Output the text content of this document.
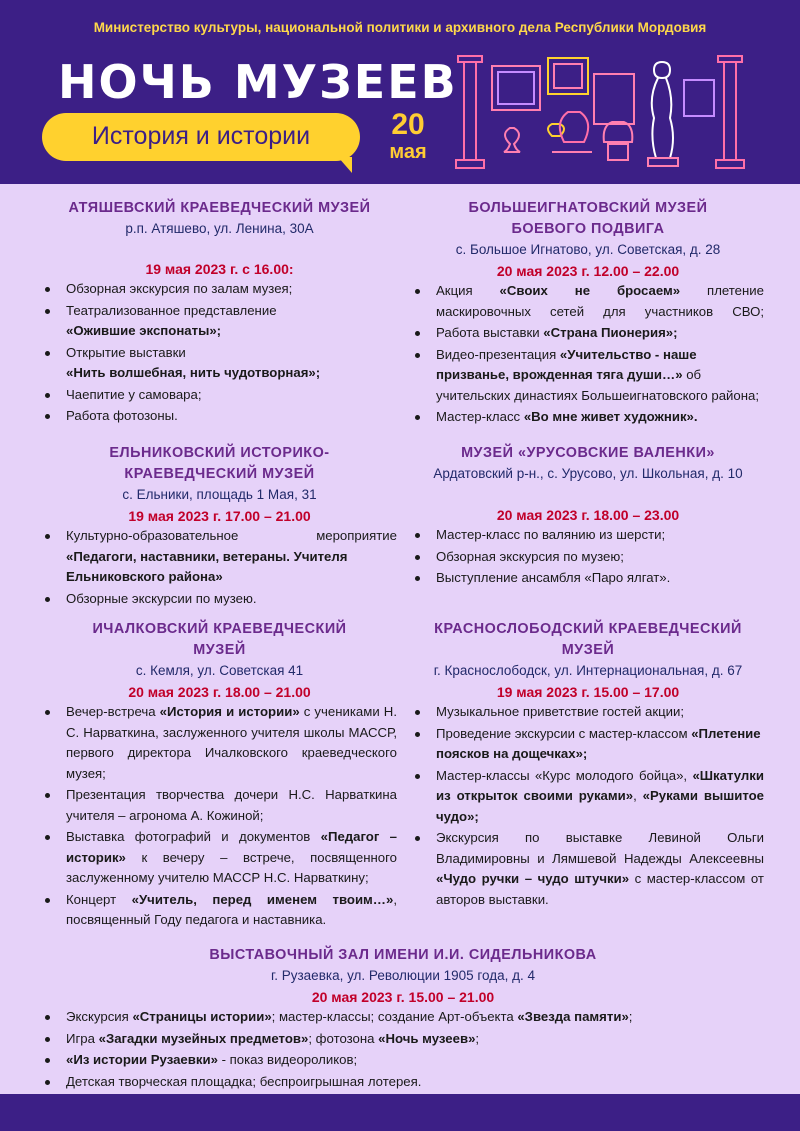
Министерство культуры, национальной политики и архивного дела Республики Мордовия
НОЧЬ МУЗЕЕВ
История и истории	20
мая

АТЯШЕВСКИЙ КРАЕВЕДЧЕСКИЙ МУЗЕЙ

р.п. Атяшево, ул. Ленина, 30А

19 мая 2023 г. с 16.00:

Обзорная экскурсия по залам музея;
Театрализованное представление
«Ожившие экспонаты»;
Открытие выставки
«Нить волшебная, нить чудотворная»;
Чаепитие у самовара;
Работа фотозоны.

БОЛЬШЕИГНАТОВСКИЙ МУЗЕЙ

БОЕВОГО ПОДВИГА

с. Большое Игнатово, ул. Советская, д. 28

20 мая 2023 г. 12.00 – 22.00

Акция «Своих не бросаем» плетение маскировочных сетей для участников СВО;
Работа выставки «Страна Пионерия»;
Видео-презентация «Учительство - наше призванье, врожденная тяга души…» об учительских династиях Большеигнатовского района;
Мастер-класс «Во мне живет художник».

ЕЛЬНИКОВСКИЙ ИСТОРИКО-

КРАЕВЕДЧЕСКИЙ МУЗЕЙ

с. Ельники, площадь 1 Мая, 31

19 мая 2023 г. 17.00 – 21.00

Культурно-образовательное мероприятие
«Педагоги, наставники, ветераны. Учителя Ельниковского района»
Обзорные экскурсии по музею.

МУЗЕЙ «УРУСОВСКИЕ ВАЛЕНКИ»

Ардатовский р-н., с. Урусово, ул. Школьная, д. 10

20 мая 2023 г. 18.00 – 23.00

Мастер-класс по валянию из шерсти;
Обзорная экскурсия по музею;
Выступление ансамбля «Паро ялгат».

ИЧАЛКОВСКИЙ КРАЕВЕДЧЕСКИЙ

МУЗЕЙ

с. Кемля, ул. Советская 41

20 мая 2023 г. 18.00 – 21.00

Вечер-встреча «История и истории» с учениками Н. С. Нарваткина, заслуженного учителя школы МАССР, первого директора Ичалковского краеведческого музея;
Презентация творчества дочери Н.С. Нарваткина учителя – агронома А. Кожиной;
Выставка фотографий и документов «Педагог – историк» к вечеру – встрече, посвященного заслуженному учителю МАССР Н.С. Нарваткину;
Концерт «Учитель, перед именем твоим…», посвященный Году педагога и наставника.

КРАСНОСЛОБОДСКИЙ КРАЕВЕДЧЕСКИЙ

МУЗЕЙ

г. Краснослободск, ул. Интернациональная, д. 67

19 мая 2023 г. 15.00 – 17.00

Музыкальное приветствие гостей акции;
Проведение экскурсии с мастер-классом «Плетение поясков на дощечках»;
Мастер-классы «Курс молодого бойца», «Шкатулки из открыток своими руками», «Руками вышитое чудо»;
Экскурсия по выставке Левиной Ольги Владимировны и Лямшевой Надежды Алексеевны «Чудо ручки – чудо штучки» с мастер-классом от авторов выставки.

ВЫСТАВОЧНЫЙ ЗАЛ ИМЕНИ И.И. СИДЕЛЬНИКОВА

г. Рузаевка, ул. Революции 1905 года, д. 4

20 мая 2023 г. 15.00 – 21.00

Экскурсия «Страницы истории»; мастер-классы; создание Арт-объекта «Звезда памяти»;
Игра «Загадки музейных предметов»; фотозона «Ночь музеев»;
«Из истории Рузаевки» - показ видеороликов;
Детская творческая площадка; беспроигрышная лотерея.
